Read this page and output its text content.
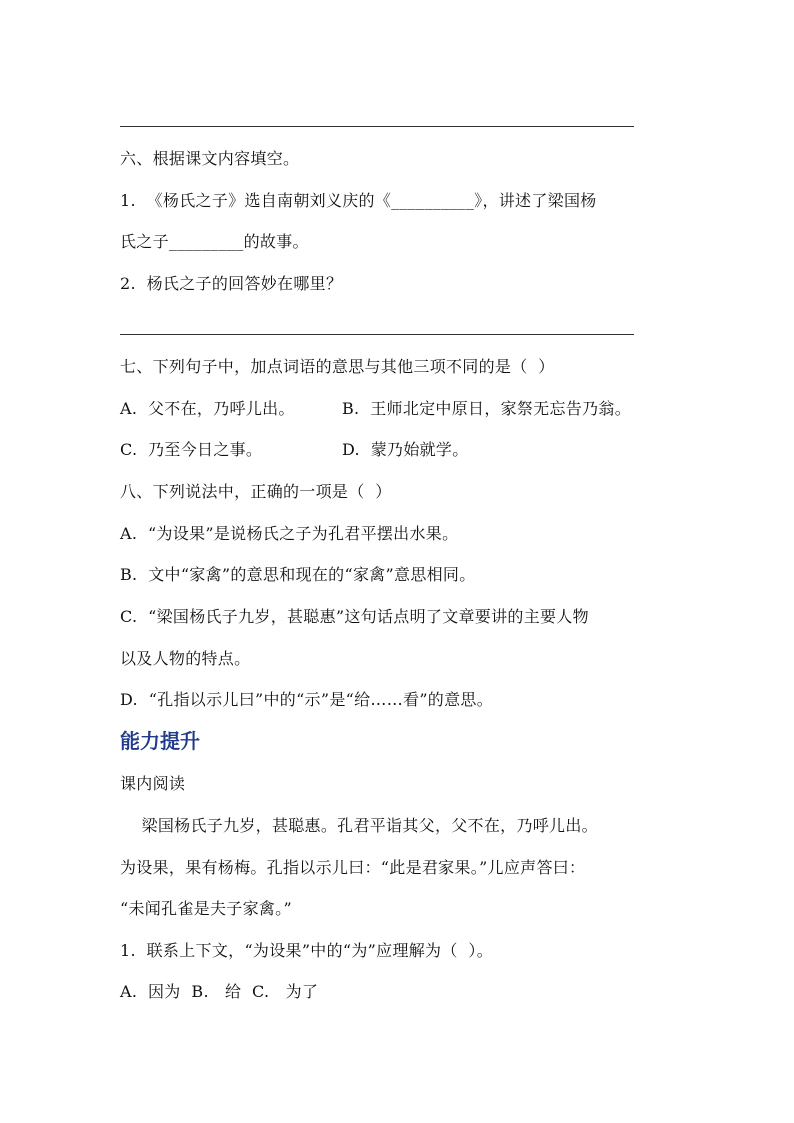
六、根据课文内容填空。
1.  《杨氏之子》选自南朝刘义庆的《__________》，讲述了梁国杨
氏之子_________的故事。
2.  杨氏之子的回答妙在哪里？
七、下列句子中，加点词语的意思与其他三项不同的是（  ）
A.  父不在，乃呼儿出。	B.  王师北定中原日，家祭无忘告乃翁。
C.  乃至今日之事。	D.  蒙乃始就学。
八、下列说法中，正确的一项是（  ）
A.  “为设果”是说杨氏之子为孔君平摆出水果。
B.  文中“家禽”的意思和现在的“家禽”意思相同。
C.  “梁国杨氏子九岁，甚聪惠”这句话点明了文章要讲的主要人物
以及人物的特点。
D.  “孔指以示儿曰”中的“示”是“给……看”的意思。
能力提升
课内阅读
梁国杨氏子九岁，甚聪惠。孔君平诣其父，父不在，乃呼儿出。
为设果，果有杨梅。孔指以示儿曰：“此是君家果。”儿应声答曰：
“未闻孔雀是夫子家禽。”
1.  联系上下文，“为设果”中的“为”应理解为（  ）。
A.  因为  B.   给  C.   为了
